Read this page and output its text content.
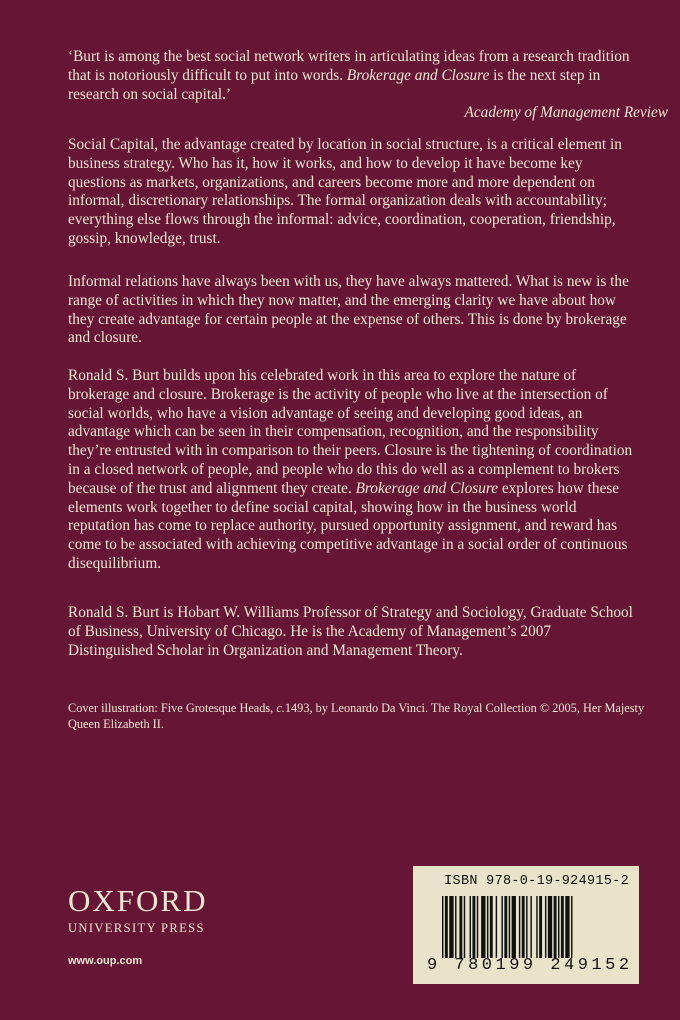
‘Burt is among the best social network writers in articulating ideas from a research tradition that is notoriously difficult to put into words. Brokerage and Closure is the next step in research on social capital.’
Academy of Management Review
Social Capital, the advantage created by location in social structure, is a critical element in business strategy. Who has it, how it works, and how to develop it have become key questions as markets, organizations, and careers become more and more dependent on informal, discretionary relationships. The formal organization deals with accountability; everything else flows through the informal: advice, coordination, cooperation, friendship, gossip, knowledge, trust.
Informal relations have always been with us, they have always mattered. What is new is the range of activities in which they now matter, and the emerging clarity we have about how they create advantage for certain people at the expense of others. This is done by brokerage and closure.
Ronald S. Burt builds upon his celebrated work in this area to explore the nature of brokerage and closure. Brokerage is the activity of people who live at the intersection of social worlds, who have a vision advantage of seeing and developing good ideas, an advantage which can be seen in their compensation, recognition, and the responsibility they’re entrusted with in comparison to their peers. Closure is the tightening of coordination in a closed network of people, and people who do this do well as a complement to brokers because of the trust and alignment they create. Brokerage and Closure explores how these elements work together to define social capital, showing how in the business world reputation has come to replace authority, pursued opportunity assignment, and reward has come to be associated with achieving competitive advantage in a social order of continuous disequilibrium.
Ronald S. Burt is Hobart W. Williams Professor of Strategy and Sociology, Graduate School of Business, University of Chicago. He is the Academy of Management’s 2007 Distinguished Scholar in Organization and Management Theory.
Cover illustration: Five Grotesque Heads, c.1493, by Leonardo Da Vinci. The Royal Collection © 2005, Her Majesty Queen Elizabeth II.
OXFORD
UNIVERSITY PRESS
www.oup.com
ISBN 978-0-19-924915-2
9 780199 249152
